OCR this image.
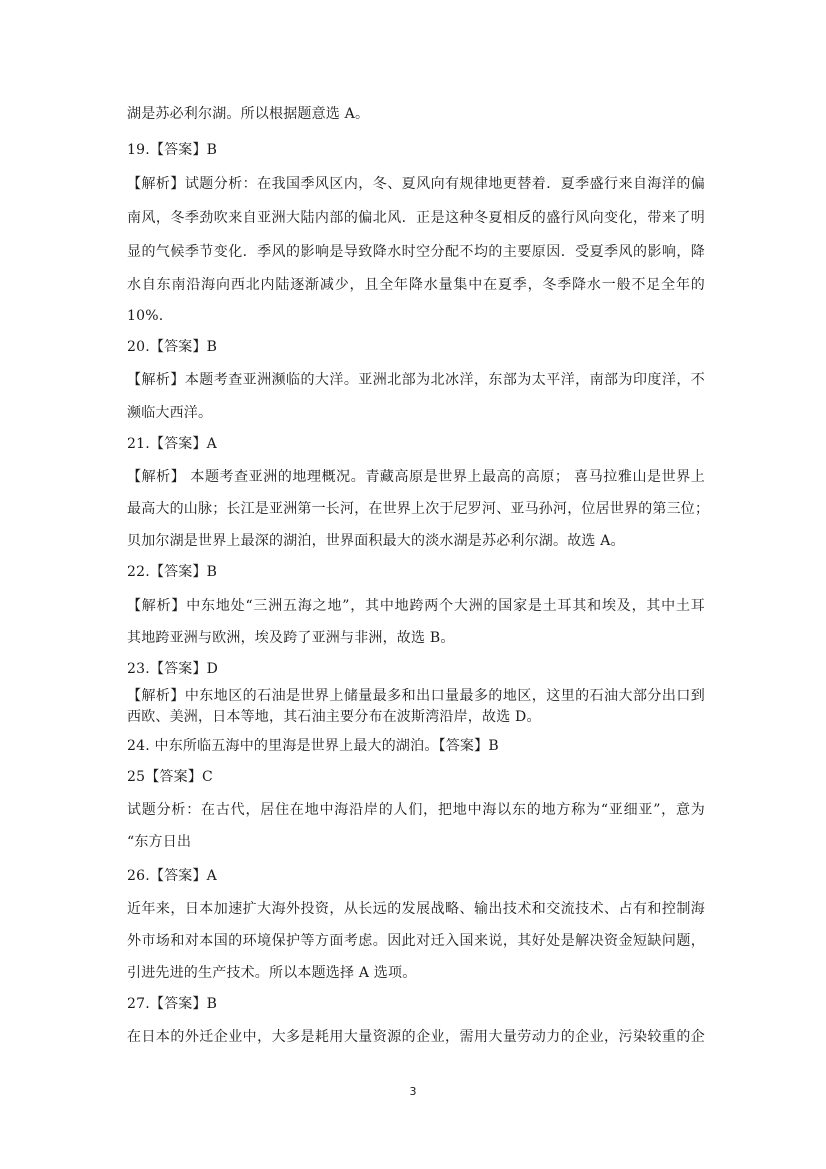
湖是苏必利尔湖。所以根据题意选 A。

19.【答案】B

【解析】试题分析：在我国季风区内，冬、夏风向有规律地更替着．夏季盛行来自海洋的偏

南风，冬季劲吹来自亚洲大陆内部的偏北风．正是这种冬夏相反的盛行风向变化，带来了明

显的气候季节变化．季风的影响是导致降水时空分配不均的主要原因．受夏季风的影响，降

水自东南沿海向西北内陆逐渐减少，且全年降水量集中在夏季，冬季降水一般不足全年的

10%.

20.【答案】B

【解析】本题考查亚洲濒临的大洋。亚洲北部为北冰洋，东部为太平洋，南部为印度洋，不

濒临大西洋。

21.【答案】A

【解析】 本题考查亚洲的地理概况。青藏高原是世界上最高的高原； 喜马拉雅山是世界上

最高大的山脉；长江是亚洲第一长河，在世界上次于尼罗河、亚马孙河，位居世界的第三位；

贝加尔湖是世界上最深的湖泊，世界面积最大的淡水湖是苏必利尔湖。故选 A。

22.【答案】B

【解析】中东地处“三洲五海之地”，其中地跨两个大洲的国家是土耳其和埃及，其中土耳

其地跨亚洲与欧洲，埃及跨了亚洲与非洲，故选 B。

23.【答案】D

【解析】中东地区的石油是世界上储量最多和出口量最多的地区，这里的石油大部分出口到

西欧、美洲，日本等地，其石油主要分布在波斯湾沿岸，故选 D。

24. 中东所临五海中的里海是世界上最大的湖泊。【答案】B

25【答案】C

试题分析：在古代，居住在地中海沿岸的人们，把地中海以东的地方称为“亚细亚”，意为

“东方日出

26.【答案】A

近年来，日本加速扩大海外投资，从长远的发展战略、输出技术和交流技术、占有和控制海

外市场和对本国的环境保护等方面考虑。因此对迁入国来说，其好处是解决资金短缺问题，

引进先进的生产技术。所以本题选择 A 选项。

27.【答案】B

在日本的外迁企业中，大多是耗用大量资源的企业，需用大量劳动力的企业，污染较重的企

3
